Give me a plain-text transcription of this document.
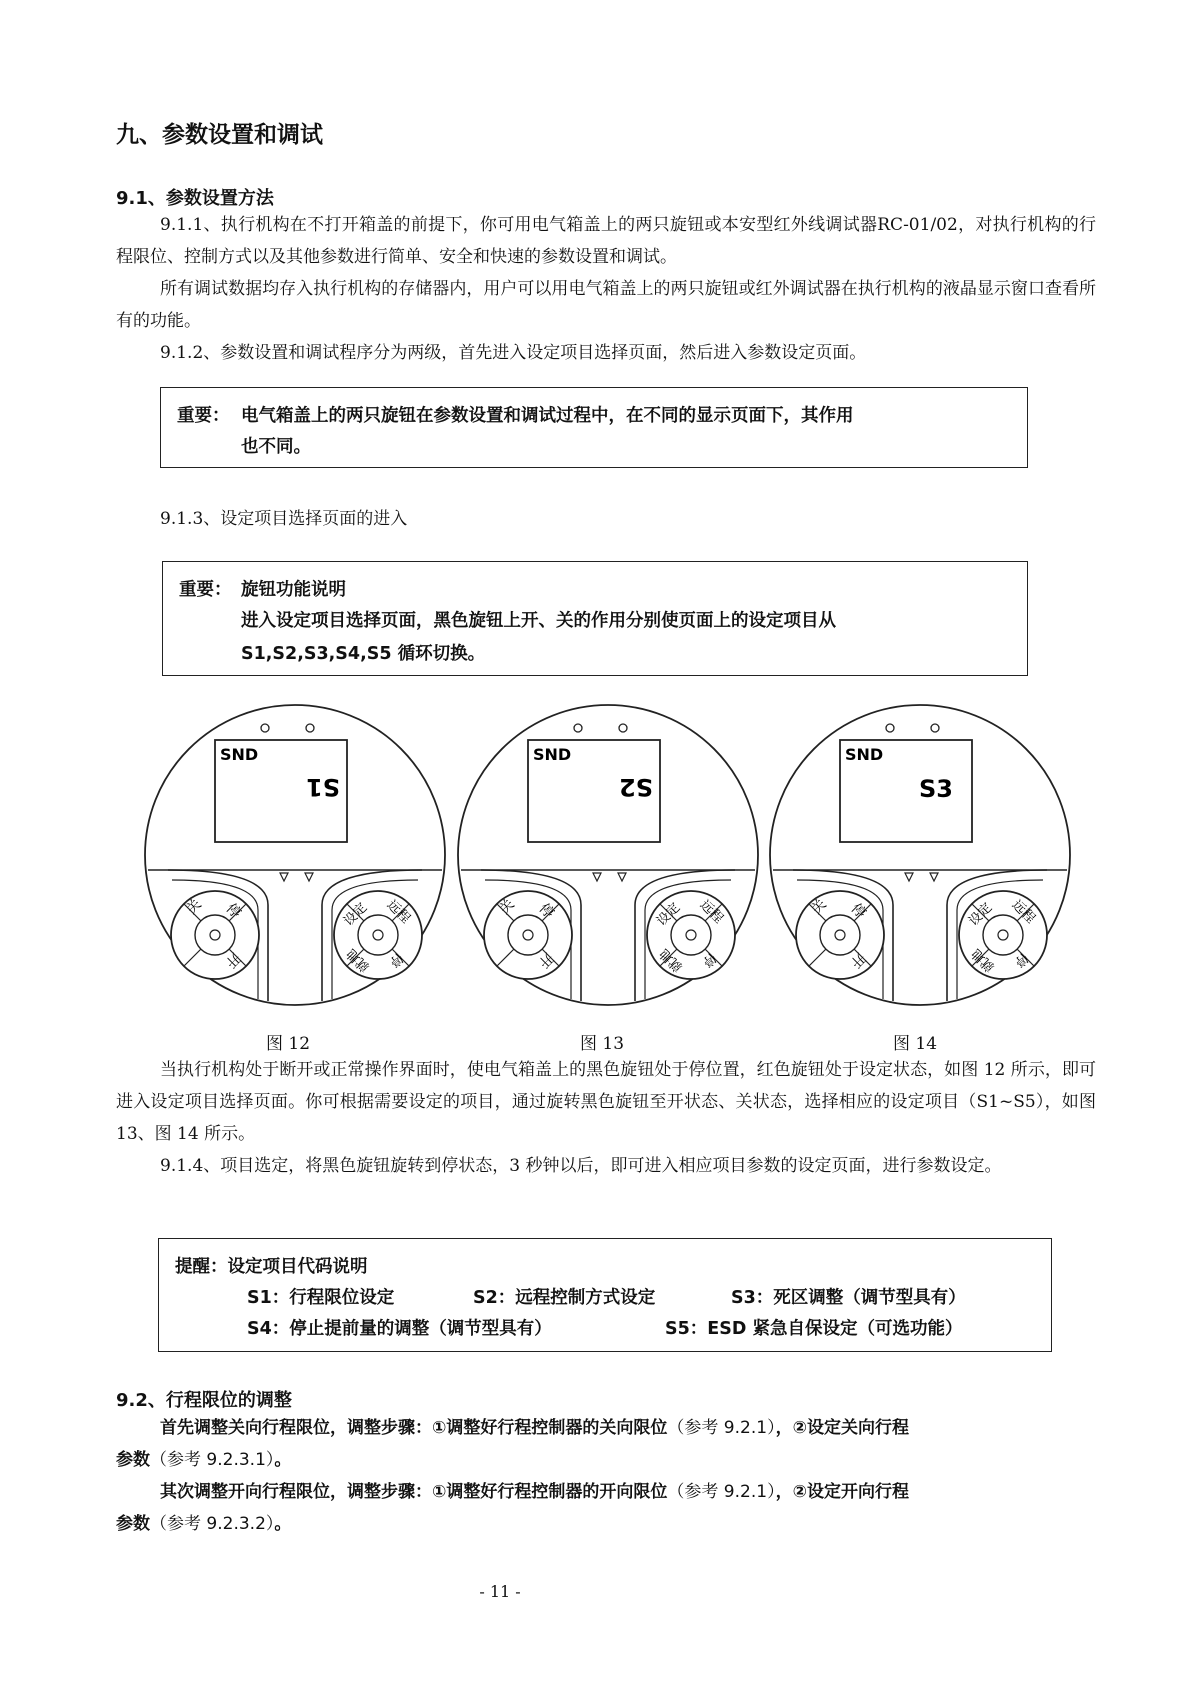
九、参数设置和调试
9.1、参数设置方法
9.1.1、执行机构在不打开箱盖的前提下，你可用电气箱盖上的两只旋钮或本安型红外线调试器RC-01/02，对执行机构的行程限位、控制方式以及其他参数进行简单、安全和快速的参数设置和调试。
所有调试数据均存入执行机构的存储器内，用户可以用电气箱盖上的两只旋钮或红外调试器在执行机构的液晶显示窗口查看所有的功能。
9.1.2、参数设置和调试程序分为两级，首先进入设定项目选择页面，然后进入参数设定页面。
重要： 电气箱盖上的两只旋钮在参数设置和调试过程中，在不同的显示页面下，其作用
也不同。
9.1.3、设定项目选择页面的进入
重要： 旋钮功能说明
进入设定项目选择页面，黑色旋钮上开、关的作用分别使页面上的设定项目从
S1,S2,S3,S4,S5 循环切换。
SND
S1
关 停
开
设定 远程
就地 停
SND
S2
关 停
开
设定 远程
就地 停
SND
S3
关 停
开
设定 远程
就地 停
图 12	图 13	图 14
当执行机构处于断开或正常操作界面时，使电气箱盖上的黑色旋钮处于停位置，红色旋钮处于设定状态，如图 12 所示，即可进入设定项目选择页面。你可根据需要设定的项目，通过旋转黑色旋钮至开状态、关状态，选择相应的设定项目（S1~S5），如图 13、图 14 所示。
9.1.4、项目选定，将黑色旋钮旋转到停状态，3 秒钟以后，即可进入相应项目参数的设定页面，进行参数设定。
提醒：设定项目代码说明
S1：行程限位设定	S2：远程控制方式设定	S3：死区调整（调节型具有）
S4：停止提前量的调整（调节型具有）	S5：ESD 紧急自保设定（可选功能）
9.2、行程限位的调整
首先调整关向行程限位，调整步骤：①调整好行程控制器的关向限位（参考 9.2.1），②设定关向行程
参数（参考 9.2.3.1）。
其次调整开向行程限位，调整步骤：①调整好行程控制器的开向限位（参考 9.2.1），②设定开向行程
参数（参考 9.2.3.2）。
- 11 -
